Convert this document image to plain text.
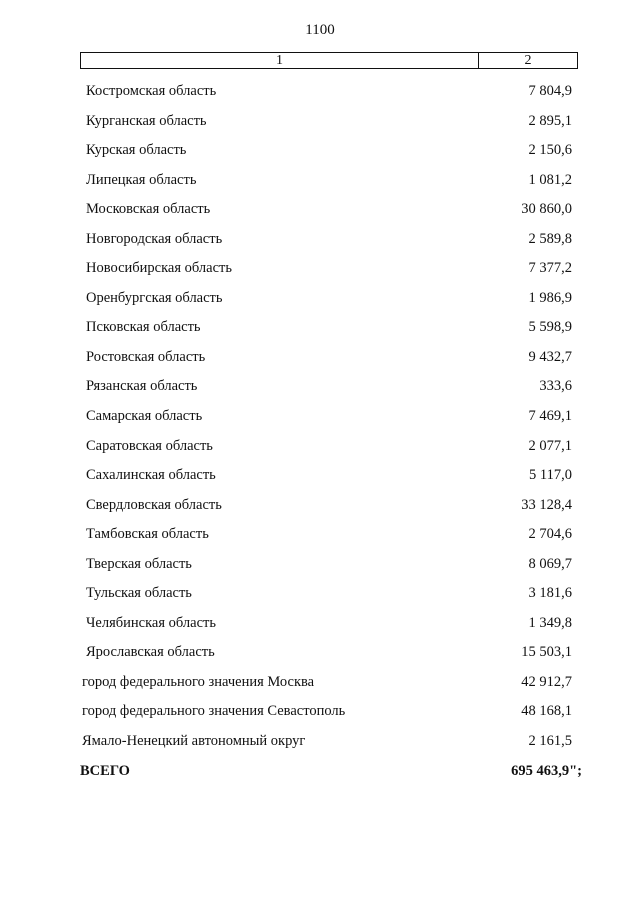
1100
1	2
Костромская область	7 804,9
Курганская область	2 895,1
Курская область	2 150,6
Липецкая область	1 081,2
Московская область	30 860,0
Новгородская область	2 589,8
Новосибирская область	7 377,2
Оренбургская область	1 986,9
Псковская область	5 598,9
Ростовская область	9 432,7
Рязанская область	333,6
Самарская область	7 469,1
Саратовская область	2 077,1
Сахалинская область	5 117,0
Свердловская область	33 128,4
Тамбовская область	2 704,6
Тверская область	8 069,7
Тульская область	3 181,6
Челябинская область	1 349,8
Ярославская область	15 503,1
город федерального значения Москва	42 912,7
город федерального значения Севастополь	48 168,1
Ямало-Ненецкий автономный округ	2 161,5
ВСЕГО	695 463,9";
